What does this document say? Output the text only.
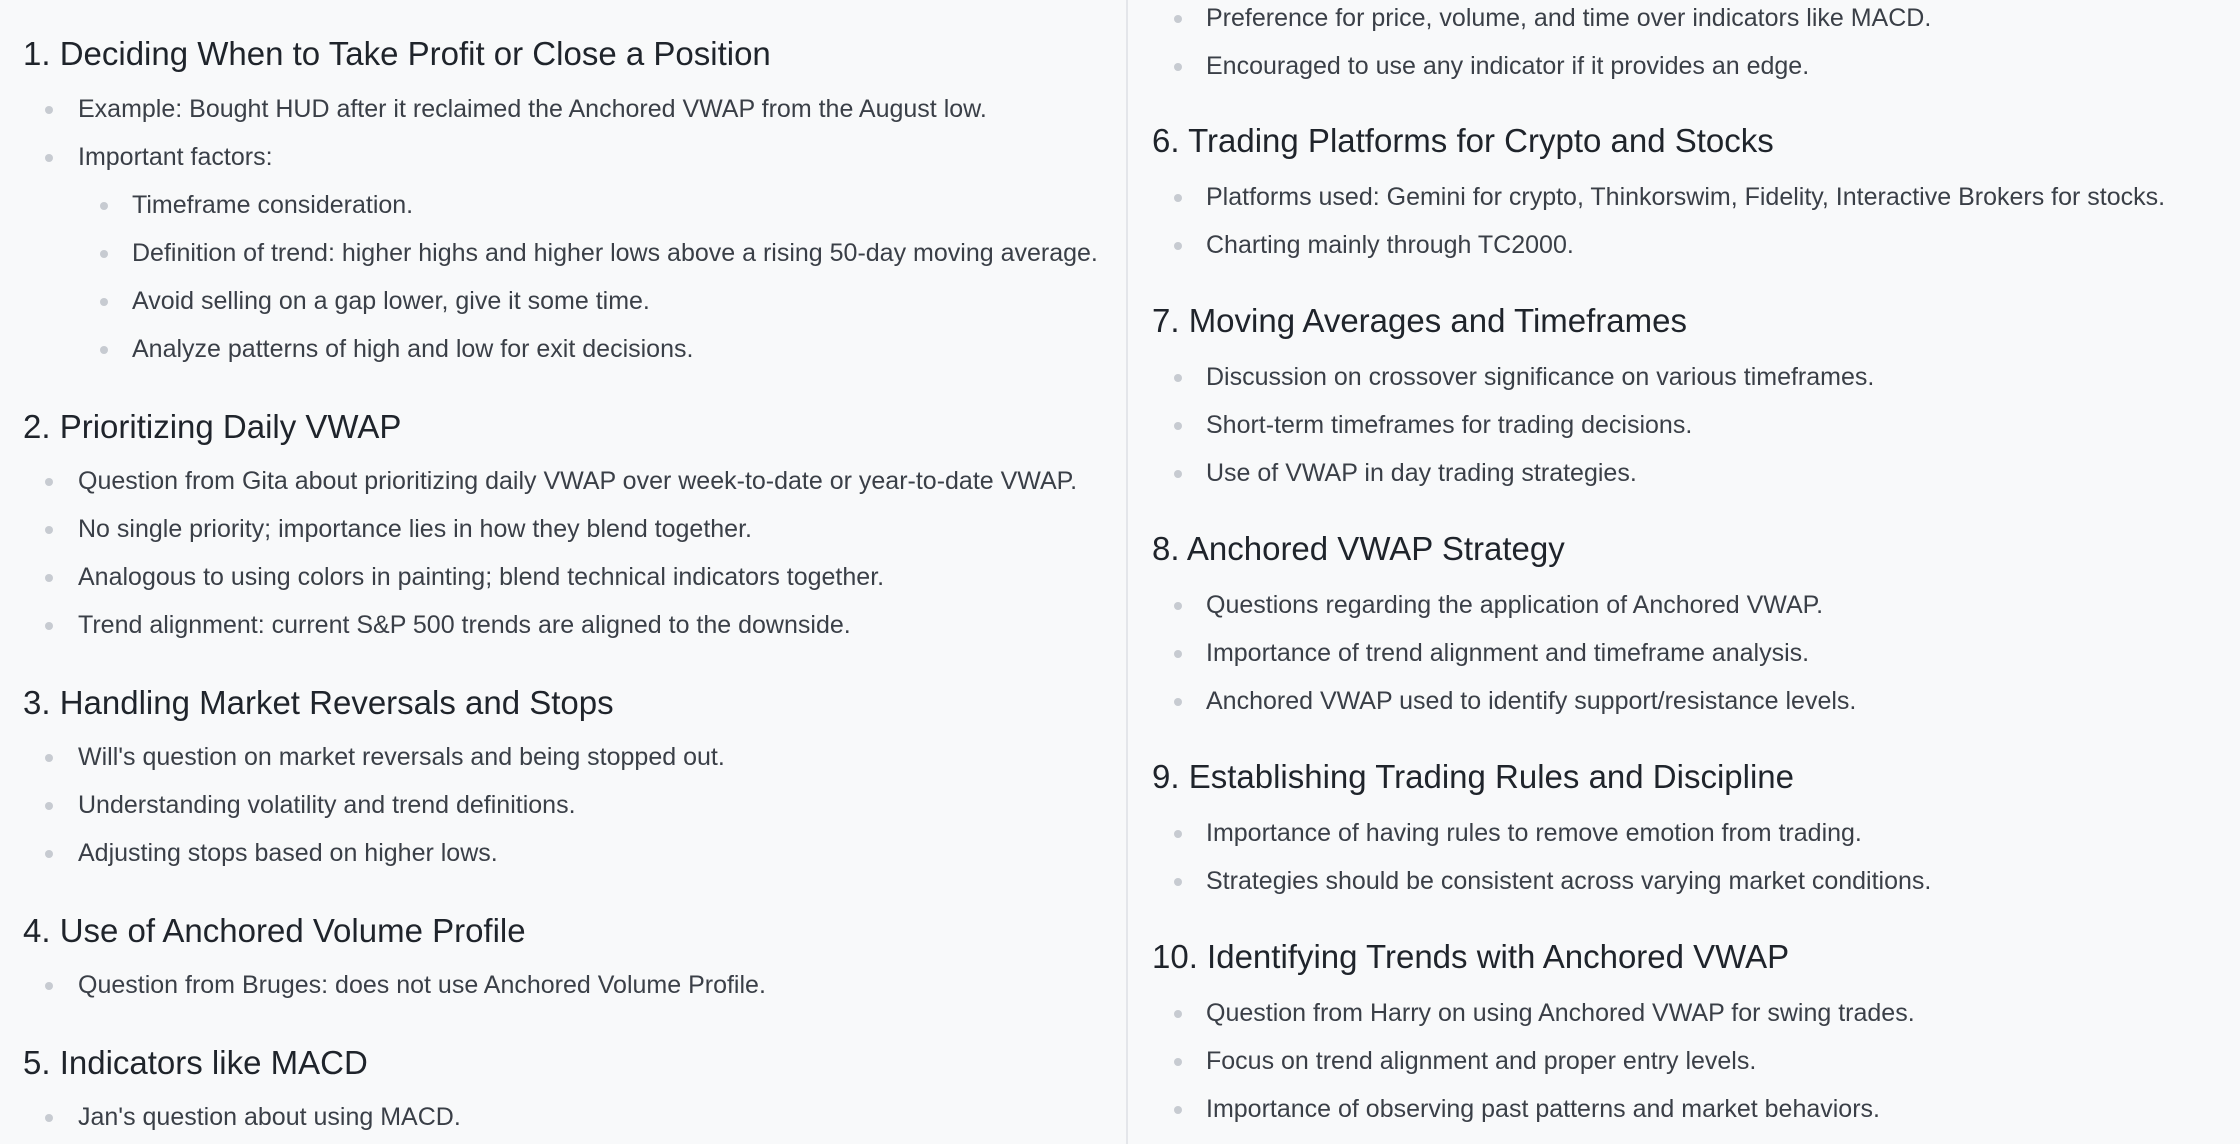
1. Deciding When to Take Profit or Close a Position
Example: Bought HUD after it reclaimed the Anchored VWAP from the August low.
Important factors:
Timeframe consideration.
Definition of trend: higher highs and higher lows above a rising 50-day moving average.
Avoid selling on a gap lower, give it some time.
Analyze patterns of high and low for exit decisions.
2. Prioritizing Daily VWAP
Question from Gita about prioritizing daily VWAP over week-to-date or year-to-date VWAP.
No single priority; importance lies in how they blend together.
Analogous to using colors in painting; blend technical indicators together.
Trend alignment: current S&P 500 trends are aligned to the downside.
3. Handling Market Reversals and Stops
Will's question on market reversals and being stopped out.
Understanding volatility and trend definitions.
Adjusting stops based on higher lows.
4. Use of Anchored Volume Profile
Question from Bruges: does not use Anchored Volume Profile.
5. Indicators like MACD
Jan's question about using MACD.
Preference for price, volume, and time over indicators like MACD.
Encouraged to use any indicator if it provides an edge.
6. Trading Platforms for Crypto and Stocks
Platforms used: Gemini for crypto, Thinkorswim, Fidelity, Interactive Brokers for stocks.
Charting mainly through TC2000.
7. Moving Averages and Timeframes
Discussion on crossover significance on various timeframes.
Short-term timeframes for trading decisions.
Use of VWAP in day trading strategies.
8. Anchored VWAP Strategy
Questions regarding the application of Anchored VWAP.
Importance of trend alignment and timeframe analysis.
Anchored VWAP used to identify support/resistance levels.
9. Establishing Trading Rules and Discipline
Importance of having rules to remove emotion from trading.
Strategies should be consistent across varying market conditions.
10. Identifying Trends with Anchored VWAP
Question from Harry on using Anchored VWAP for swing trades.
Focus on trend alignment and proper entry levels.
Importance of observing past patterns and market behaviors.
